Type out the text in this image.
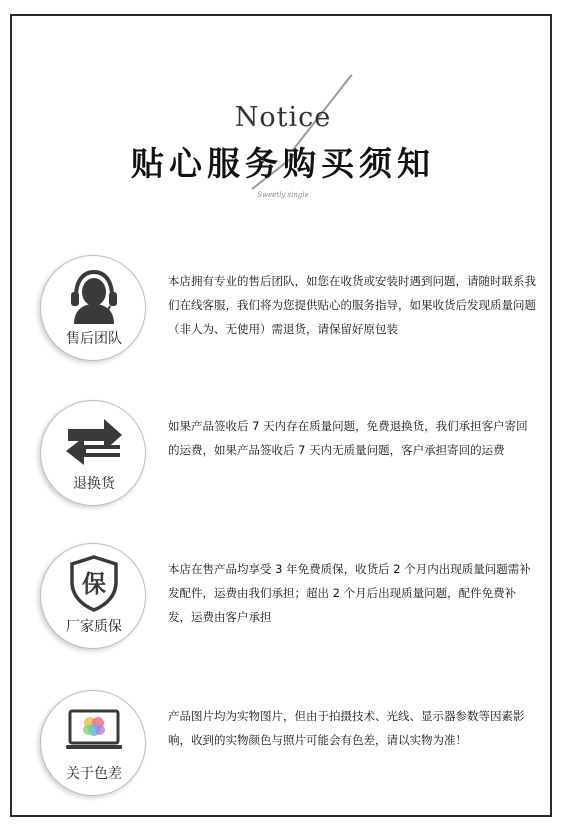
Notice
贴心服务购买须知
Sweetly single
售后团队
本店拥有专业的售后团队，如您在收货或安装时遇到问题，请随时联系我们在线客服，我们将为您提供贴心的服务指导，如果收货后发现质量问题（非人为、无使用）需退货，请保留好原包装
退换货
如果产品签收后 7 天内存在质量问题，免费退换货，我们承担客户寄回的运费，如果产品签收后 7 天内无质量问题，客户承担寄回的运费
保
厂家质保
本店在售产品均享受 3 年免费质保，收货后 2 个月内出现质量问题需补发配件，运费由我们承担；超出 2 个月后出现质量问题，配件免费补发，运费由客户承担
关于色差
产品图片均为实物图片，但由于拍摄技术、光线、显示器参数等因素影响，收到的实物颜色与照片可能会有色差，请以实物为准！
